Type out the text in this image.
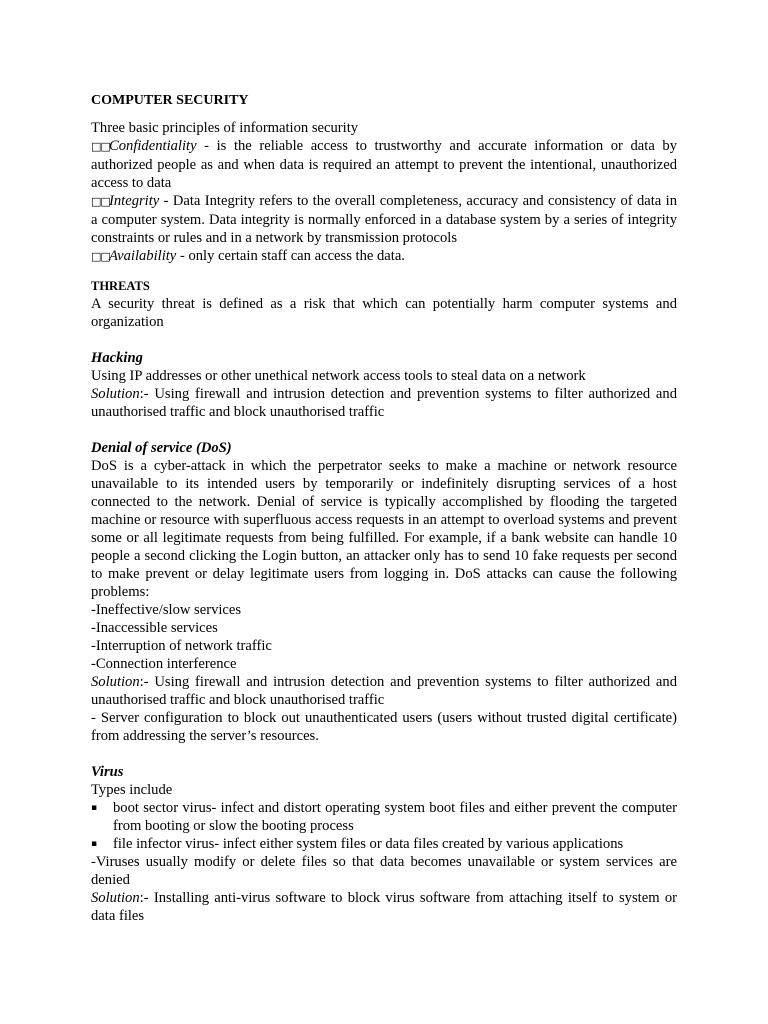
COMPUTER SECURITY

Three basic principles of information security

□□Confidentiality - is the reliable access to trustworthy and accurate information or data by authorized people as and when data is required an attempt to prevent the intentional, unauthorized access to data

□□Integrity - Data Integrity refers to the overall completeness, accuracy and consistency of data in a computer system. Data integrity is normally enforced in a database system by a series of integrity constraints or rules and in a network by transmission protocols

□□Availability - only certain staff can access the data.

THREATS

A security threat is defined as a risk that which can potentially harm computer systems and organization

Hacking

Using IP addresses or other unethical network access tools to steal data on a network

Solution:- Using firewall and intrusion detection and prevention systems to filter authorized and unauthorised traffic and block unauthorised traffic

Denial of service (DoS)

DoS is a cyber-attack in which the perpetrator seeks to make a machine or network resource unavailable to its intended users by temporarily or indefinitely disrupting services of a host connected to the network. Denial of service is typically accomplished by flooding the targeted machine or resource with superfluous access requests in an attempt to overload systems and prevent some or all legitimate requests from being fulfilled. For example, if a bank website can handle 10 people a second clicking the Login button, an attacker only has to send 10 fake requests per second to make prevent or delay legitimate users from logging in. DoS attacks can cause the following problems:

-Ineffective/slow services

-Inaccessible services

-Interruption of network traffic

-Connection interference

Solution:- Using firewall and intrusion detection and prevention systems to filter authorized and unauthorised traffic and block unauthorised traffic

- Server configuration to block out unauthenticated users (users without trusted digital certificate) from addressing the server’s resources.

Virus

Types include

▪ boot sector virus- infect and distort operating system boot files and either prevent the computer from booting or slow the booting process
▪ file infector virus- infect either system files or data files created by various applications

-Viruses usually modify or delete files so that data becomes unavailable or system services are denied

Solution:- Installing anti-virus software to block virus software from attaching itself to system or data files
